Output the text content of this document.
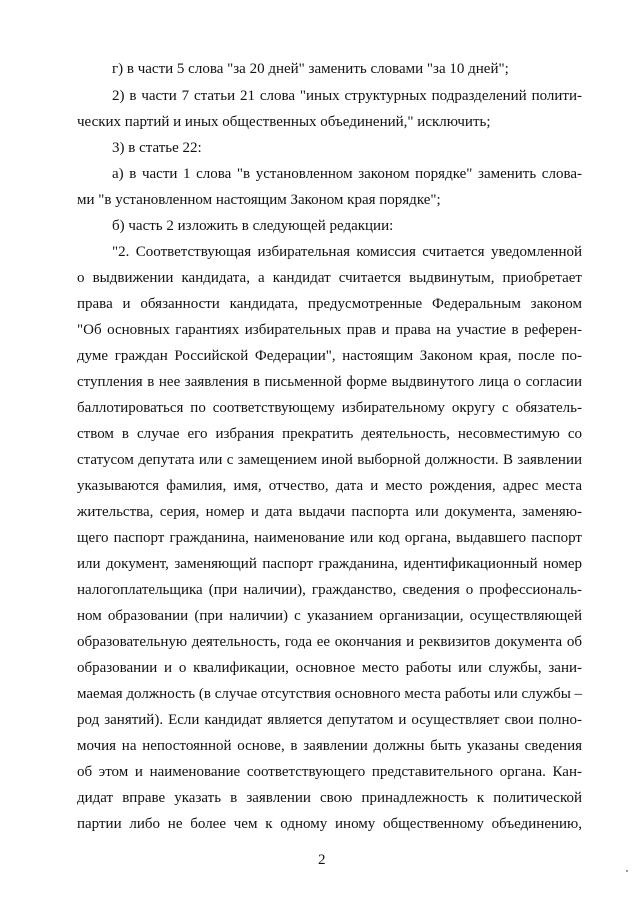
г) в части 5 слова "за 20 дней" заменить словами "за 10 дней";
2) в части 7 статьи 21 слова "иных структурных подразделений полити-
ческих партий и иных общественных объединений," исключить;
3) в статье 22:
а) в части 1 слова "в установленном законом порядке" заменить слова-
ми "в установленном настоящим Законом края порядке";
б) часть 2 изложить в следующей редакции:
"2. Соответствующая избирательная комиссия считается уведомленной
о выдвижении кандидата, а кандидат считается выдвинутым, приобретает
права и обязанности кандидата, предусмотренные Федеральным законом
"Об основных гарантиях избирательных прав и права на участие в референ-
думе граждан Российской Федерации", настоящим Законом края, после по-
ступления в нее заявления в письменной форме выдвинутого лица о согласии
баллотироваться по соответствующему избирательному округу с обязатель-
ством в случае его избрания прекратить деятельность, несовместимую со
статусом депутата или с замещением иной выборной должности. В заявлении
указываются фамилия, имя, отчество, дата и место рождения, адрес места
жительства, серия, номер и дата выдачи паспорта или документа, заменяю-
щего паспорт гражданина, наименование или код органа, выдавшего паспорт
или документ, заменяющий паспорт гражданина, идентификационный номер
налогоплательщика (при наличии), гражданство, сведения о профессиональ-
ном образовании (при наличии) с указанием организации, осуществляющей
образовательную деятельность, года ее окончания и реквизитов документа об
образовании и о квалификации, основное место работы или службы, зани-
маемая должность (в случае отсутствия основного места работы или службы –
род занятий). Если кандидат является депутатом и осуществляет свои полно-
мочия на непостоянной основе, в заявлении должны быть указаны сведения
об этом и наименование соответствующего представительного органа. Кан-
дидат вправе указать в заявлении свою принадлежность к политической
партии либо не более чем к одному иному общественному объединению,
2
